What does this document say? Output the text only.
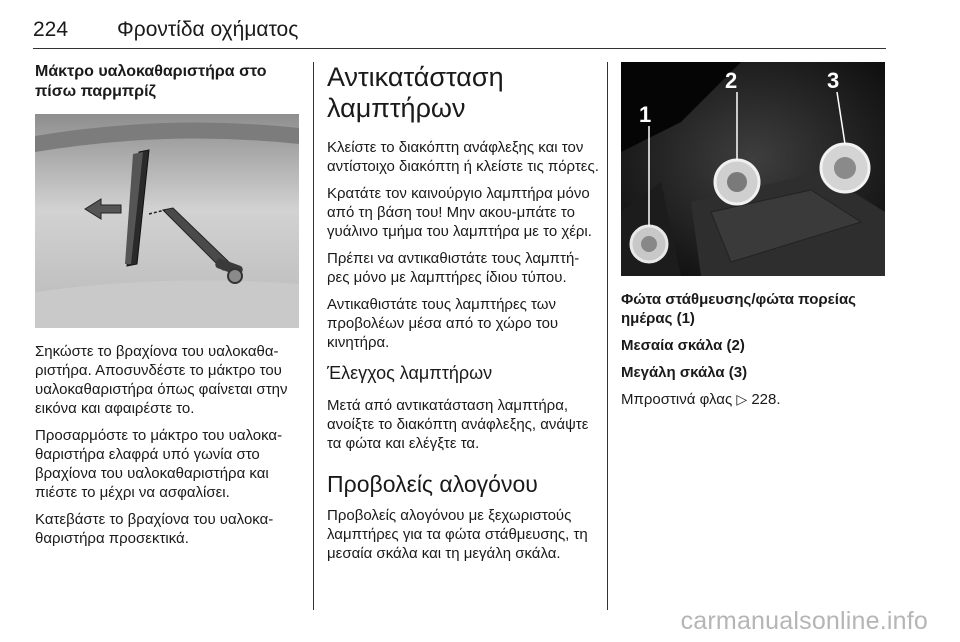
224 Φροντίδα οχήματος
Μάκτρο υαλοκαθαριστήρα στο πίσω παρμπρίζ

Σηκώστε το βραχίονα του υαλοκαθα-ριστήρα. Αποσυνδέστε το μάκτρο του υαλοκαθαριστήρα όπως φαίνεται στην εικόνα και αφαιρέστε το.

Προσαρμόστε το μάκτρο του υαλοκα-θαριστήρα ελαφρά υπό γωνία στο βραχίονα του υαλοκαθαριστήρα και πιέστε το μέχρι να ασφαλίσει.

Κατεβάστε το βραχίονα του υαλοκα-θαριστήρα προσεκτικά.

Αντικατάσταση λαμπτήρων

Κλείστε το διακόπτη ανάφλεξης και τον αντίστοιχο διακόπτη ή κλείστε τις πόρτες.

Κρατάτε τον καινούργιο λαμπτήρα μόνο από τη βάση του! Μην ακου-μπάτε το γυάλινο τμήμα του λαμπτήρα με το χέρι.

Πρέπει να αντικαθιστάτε τους λαμπτή-ρες μόνο με λαμπτήρες ίδιου τύπου.

Αντικαθιστάτε τους λαμπτήρες των προβολέων μέσα από το χώρο του κινητήρα.

Έλεγχος λαμπτήρων

Μετά από αντικατάσταση λαμπτήρα, ανοίξτε το διακόπτη ανάφλεξης, ανάψτε τα φώτα και ελέγξτε τα.

Προβολείς αλογόνου

Προβολείς αλογόνου με ξεχωριστούς λαμπτήρες για τα φώτα στάθμευσης, τη μεσαία σκάλα και τη μεγάλη σκάλα.

1
2	3

Φώτα στάθμευσης/φώτα πορείας ημέρας (1)

Μεσαία σκάλα (2)

Μεγάλη σκάλα (3)

Μπροστινά φλας ▷ 228.

carmanualsonline.info
